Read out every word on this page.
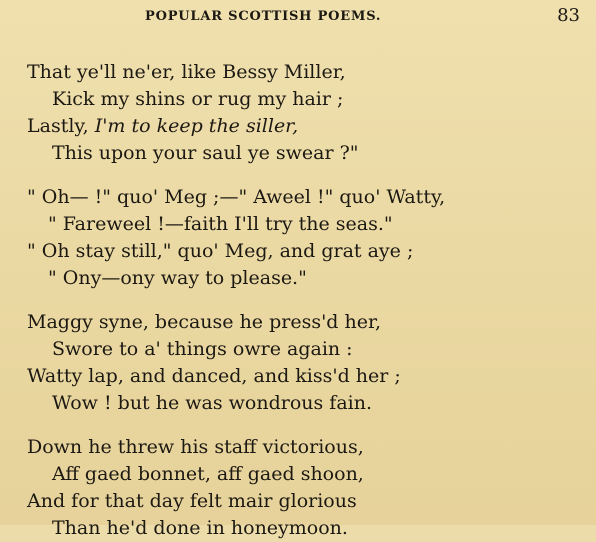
POPULAR SCOTTISH POEMS.	83
That ye'll ne'er, like Bessy Miller,
Kick my shins or rug my hair ;
Lastly, I'm to keep the siller,
This upon your saul ye swear ?"
" Oh— !" quo' Meg ;—" Aweel !" quo' Watty,
" Fareweel !—faith I'll try the seas."
" Oh stay still," quo' Meg, and grat aye ;
" Ony—ony way to please."
Maggy syne, because he press'd her,
Swore to a' things owre again :
Watty lap, and danced, and kiss'd her ;
Wow ! but he was wondrous fain.
Down he threw his staff victorious,
Aff gaed bonnet, aff gaed shoon,
And for that day felt mair glorious
Than he'd done in honeymoon.
